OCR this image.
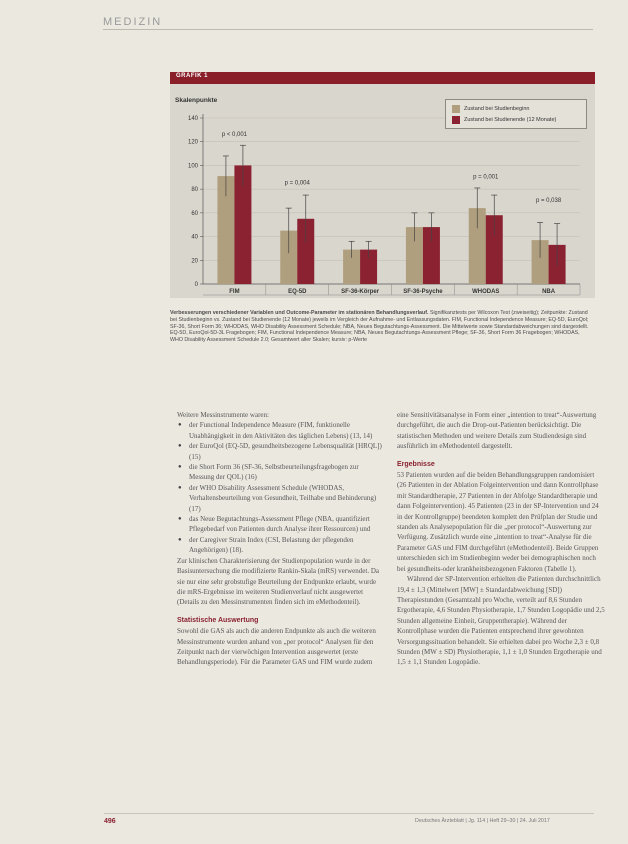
MEDIZIN
GRAFIK 1
Skalenpunkte
0
20
40
60
80
100
120
140
FIM	EQ-5D	SF-36-Körper	SF-36-Psyche	WHODAS	NBA
p < 0,001
p = 0,004
p = 0,001
p = 0,038
Zustand bei Studienbeginn
Zustand bei Studienende (12 Monate)

Verbesserungen verschiedener Variablen und Outcome-Parameter im stationären Behandlungsverlauf. Signifikanztests per Wilcoxon Test (zweiseitig); Zeitpunkte: Zustand bei Studienbeginn vs. Zustand bei Studienende (12 Monate) jeweils im Vergleich der Aufnahme- und Entlassungsdaten. FIM, Functional Independence Measure; EQ-5D, EuroQol; SF-36, Short Form 36; WHODAS, WHO Disability Assessment Schedule; NBA, Neues Begutachtungs-Assessment. Die Mittelwerte sowie Standardabweichungen sind dargestellt.

EQ-5D, EuroQol-5D-3L Fragebogen; FIM, Functional Independence Measure; NBA, Neues Begutachtungs-Assessment Pflege; SF-36, Short Form 36 Fragebogen; WHODAS, WHO Disability Assessment Schedule 2.0; Gesamtwert aller Skalen; kursiv: p-Werte

Weitere Messinstrumente waren:

● der Functional Independence Measure (FIM, funktionelle Unabhängigkeit in den Aktivitäten des täglichen Lebens) (13, 14)
● der EuroQol (EQ-5D, gesundheitsbezogene Lebensqualität [HRQL]) (15)
● die Short Form 36 (SF-36, Selbstbeurteilungsfragebogen zur Messung der QOL) (16)
● der WHO Disability Assessment Schedule (WHODAS, Verhaltensbeurteilung von Gesundheit, Teilhabe und Behinderung) (17)
● das Neue Begutachtungs-Assessment Pflege (NBA, quantifiziert Pflegebedarf von Patienten durch Analyse ihrer Ressourcen) und
● der Caregiver Strain Index (CSI, Belastung der pflegenden Angehörigen) (18).

Zur klinischen Charakterisierung der Studienpopulation wurde in der Basisuntersuchung die modifizierte Rankin-Skala (mRS) verwendet. Da sie nur eine sehr grobstufige Beurteilung der Endpunkte erlaubt, wurde die mRS-Ergebnisse im weiteren Studienverlauf nicht ausgewertet (Details zu den Messinstrumenten finden sich im eMethodenteil).

Statistische Auswertung

Sowohl die GAS als auch die anderen Endpunkte als auch die weiteren Messinstrumente wurden anhand von „per protocol“ Analysen für den Zeitpunkt nach der vierwöchigen Intervention ausgewertet (erste Behandlungsperiode). Für die Parameter GAS und FIM wurde zudem

eine Sensitivitätsanalyse in Form einer „intention to treat“-Auswertung durchgeführt, die auch die Drop-out-Patienten berücksichtigt. Die statistischen Methoden und weitere Details zum Studiendesign sind ausführlich im eMethodenteil dargestellt.

Ergebnisse

53 Patienten wurden auf die beiden Behandlungsgruppen randomisiert (26 Patienten in der Ablation Folgeintervention und dann Kontrollphase mit Standardtherapie, 27 Patienten in der Abfolge Standardtherapie und dann Folgeintervention). 45 Patienten (23 in der SP-Intervention und 24 in der Kontrollgruppe) beendeten komplett den Prüfplan der Studie und standen als Analysepopulation für die „per protocol“-Auswertung zur Verfügung. Zusätzlich wurde eine „intention to treat“-Analyse für die Parameter GAS und FIM durchgeführt (eMethodenteil). Beide Gruppen unterschieden sich im Studienbeginn weder bei demographischen noch bei gesundheits-oder krankheitsbezogenen Faktoren (Tabelle 1).

Während der SP-Intervention erhielten die Patienten durchschnittlich 19,4 ± 1,3 (Mittelwert [MW] ± Standardabweichung [SD]) Therapiestunden (Gesamtzahl pro Woche, verteilt auf 8,6 Stunden Ergotherapie, 4,6 Stunden Physiotherapie, 1,7 Stunden Logopädie und 2,5 Stunden allgemeine Einheit, Gruppentherapie). Während der Kontrollphase wurden die Patienten entsprechend ihrer gewohnten Versorgungssituation behandelt. Sie erhielten dabei pro Woche 2,3 ± 0,8 Stunden (MW ± SD) Physiotherapie, 1,1 ± 1,0 Stunden Ergotherapie und 1,5 ± 1,1 Stunden Logopädie.

496	Deutsches Ärzteblatt | Jg. 114 | Heft 29–30 | 24. Juli 2017
